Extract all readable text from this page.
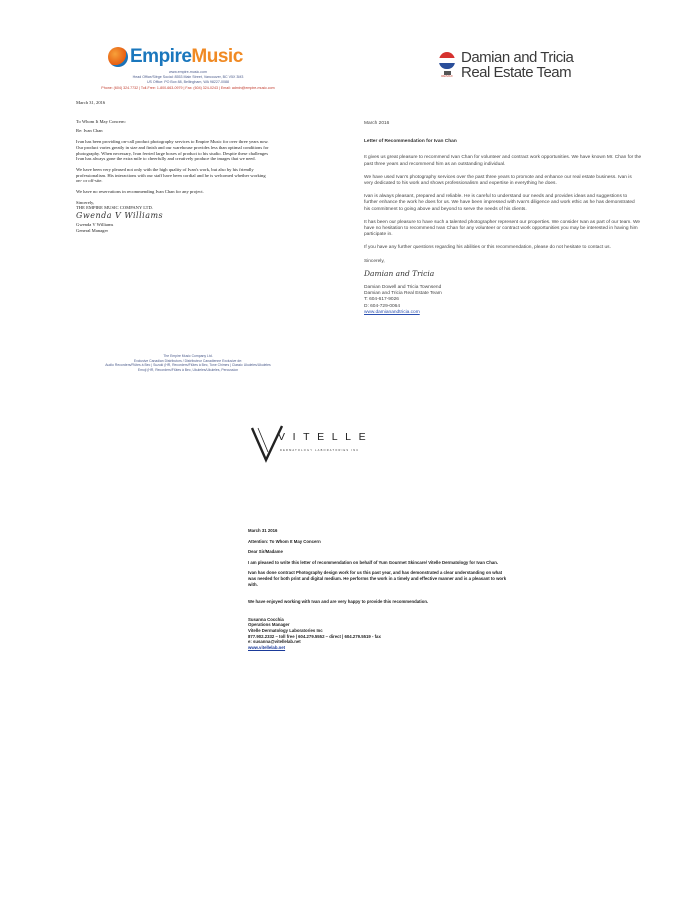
EmpireMusic
www.empire-music.com
Head Office/Siège Social: 8553 Main Street, Vancouver, BC V5X 3M3
US Office: PO Box 88, Bellingham, WA 98227-0088
Phone: (604) 324.7732 | Toll-Free: 1-800-663-0979 | Fax: (604) 324-0243 | Email: admin@empire-music.com

March 31, 2016

To Whom It May Concern:

Re: Ivan Chan

Ivan has been providing on-call product photography services to Empire Music for over three years now. Our product varies greatly in size and finish and our warehouse provides less than optimal conditions for photography. When necessary, Ivan ferried large boxes of product to his studio. Despite these challenges Ivan has always gone the extra mile to cheerfully and creatively produce the images that we need.

We have been very pleased not only with the high quality of Ivan's work, but also by his friendly professionalism. His interactions with our staff have been cordial and he is welcomed whether working on- or off-site.

We have no reservations in recommending Ivan Chan for any project.

Sincerely,
THE EMPIRE MUSIC COMPANY LTD.
Gwenda V Williams
Gwenda V Williams
General Manager
The Empire Music Company Ltd.
Exclusive Canadian Distributors / Distributeur Canadienne Exclusive de:
Audio Recorders/Flûtes à Bec | Suzuki (HR, Recorders/Flûtes à Bec, Tone Chimes | Classic Ukuleles/Ukuleles
Emoji (HR, Recorders/Flûtes à Bec, Ukuleles/Ukuleles, Percussion
RE/MAX
Damian and Tricia
Real Estate Team

March 2016

Letter of Recommendation for Ivan Chan

It gives us great pleasure to recommend Ivan Chan for volunteer and contract work opportunities. We have known Mr. Chan for the past three years and recommend him as an outstanding individual.

We have used Ivan's photography services over the past three years to promote and enhance our real estate business. Ivan is very dedicated to his work and shows professionalism and expertise in everything he does.

Ivan is always pleasant, prepared and reliable. He is careful to understand our needs and provides ideas and suggestions to further enhance the work he does for us. We have been impressed with Ivan's diligence and work ethic as he has demonstrated his commitment to going above and beyond to serve the needs of his clients.

It has been our pleasure to have such a talented photographer represent our properties. We consider Ivan as part of our team. We have no hesitation to recommend Ivan Chan for any volunteer or contract work opportunities you may be interested in having him participate in.

If you have any further questions regarding his abilities or this recommendation, please do not hesitate to contact us.

Sincerely,
Damian and Tricia
Damian Dowell and Tricia Townsend
Damian and Tricia Real Estate Team
T: 604-617-9026
D: 604-729-0064
www.damianandtricia.com
VITELLE
DERMATOLOGY LABORATORIES INC

March 31 2016

Attention: To Whom It May Concern

Dear Sir/Madame

I am pleased to write this letter of recommendation on behalf of Yum Gourmet Skincare/ Vitelle Dermatology for Ivan Chan.

Ivan has done contract Photography design work for us this past year, and has demonstrated a clear understanding on what was needed for both print and digital medium. He performs the work in a timely and effective manner and is a pleasant to work with.

We have enjoyed working with Ivan and are very happy to provide this recommendation.

Susanna Cocchia
Operations Manager
Vitelle Dermatology Laboratories Inc
877.902.2332 – toll free | 604.279.5552 – direct | 604.279.5519 - fax
e: susanna@vitellelab.net
www.vitellelab.net
